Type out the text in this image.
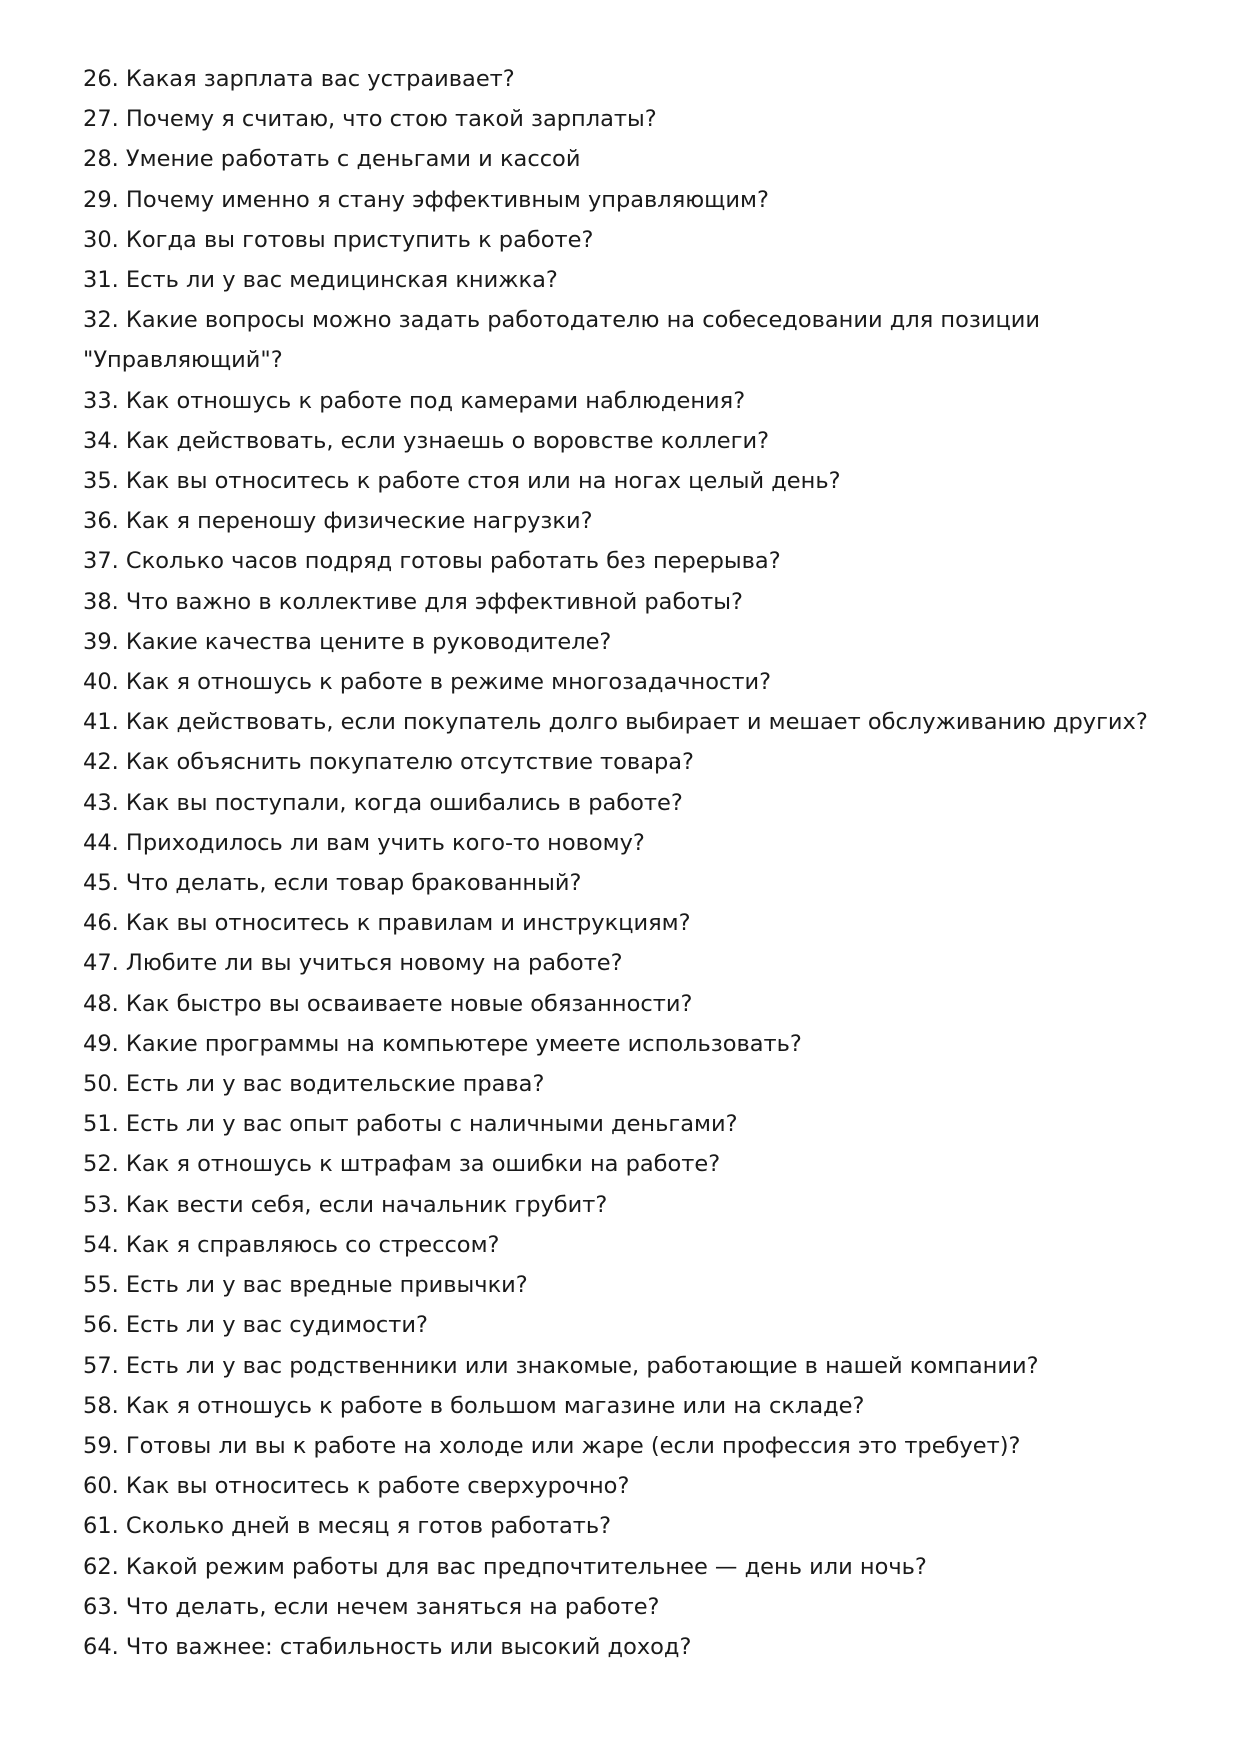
26. Какая зарплата вас устраивает?
27. Почему я считаю, что стою такой зарплаты?
28. Умение работать с деньгами и кассой
29. Почему именно я стану эффективным управляющим?
30. Когда вы готовы приступить к работе?
31. Есть ли у вас медицинская книжка?
32. Какие вопросы можно задать работодателю на собеседовании для позиции "Управляющий"?
33. Как отношусь к работе под камерами наблюдения?
34. Как действовать, если узнаешь о воровстве коллеги?
35. Как вы относитесь к работе стоя или на ногах целый день?
36. Как я переношу физические нагрузки?
37. Сколько часов подряд готовы работать без перерыва?
38. Что важно в коллективе для эффективной работы?
39. Какие качества цените в руководителе?
40. Как я отношусь к работе в режиме многозадачности?
41. Как действовать, если покупатель долго выбирает и мешает обслуживанию других?
42. Как объяснить покупателю отсутствие товара?
43. Как вы поступали, когда ошибались в работе?
44. Приходилось ли вам учить кого-то новому?
45. Что делать, если товар бракованный?
46. Как вы относитесь к правилам и инструкциям?
47. Любите ли вы учиться новому на работе?
48. Как быстро вы осваиваете новые обязанности?
49. Какие программы на компьютере умеете использовать?
50. Есть ли у вас водительские права?
51. Есть ли у вас опыт работы с наличными деньгами?
52. Как я отношусь к штрафам за ошибки на работе?
53. Как вести себя, если начальник грубит?
54. Как я справляюсь со стрессом?
55. Есть ли у вас вредные привычки?
56. Есть ли у вас судимости?
57. Есть ли у вас родственники или знакомые, работающие в нашей компании?
58. Как я отношусь к работе в большом магазине или на складе?
59. Готовы ли вы к работе на холоде или жаре (если профессия это требует)?
60. Как вы относитесь к работе сверхурочно?
61. Сколько дней в месяц я готов работать?
62. Какой режим работы для вас предпочтительнее — день или ночь?
63. Что делать, если нечем заняться на работе?
64. Что важнее: стабильность или высокий доход?
